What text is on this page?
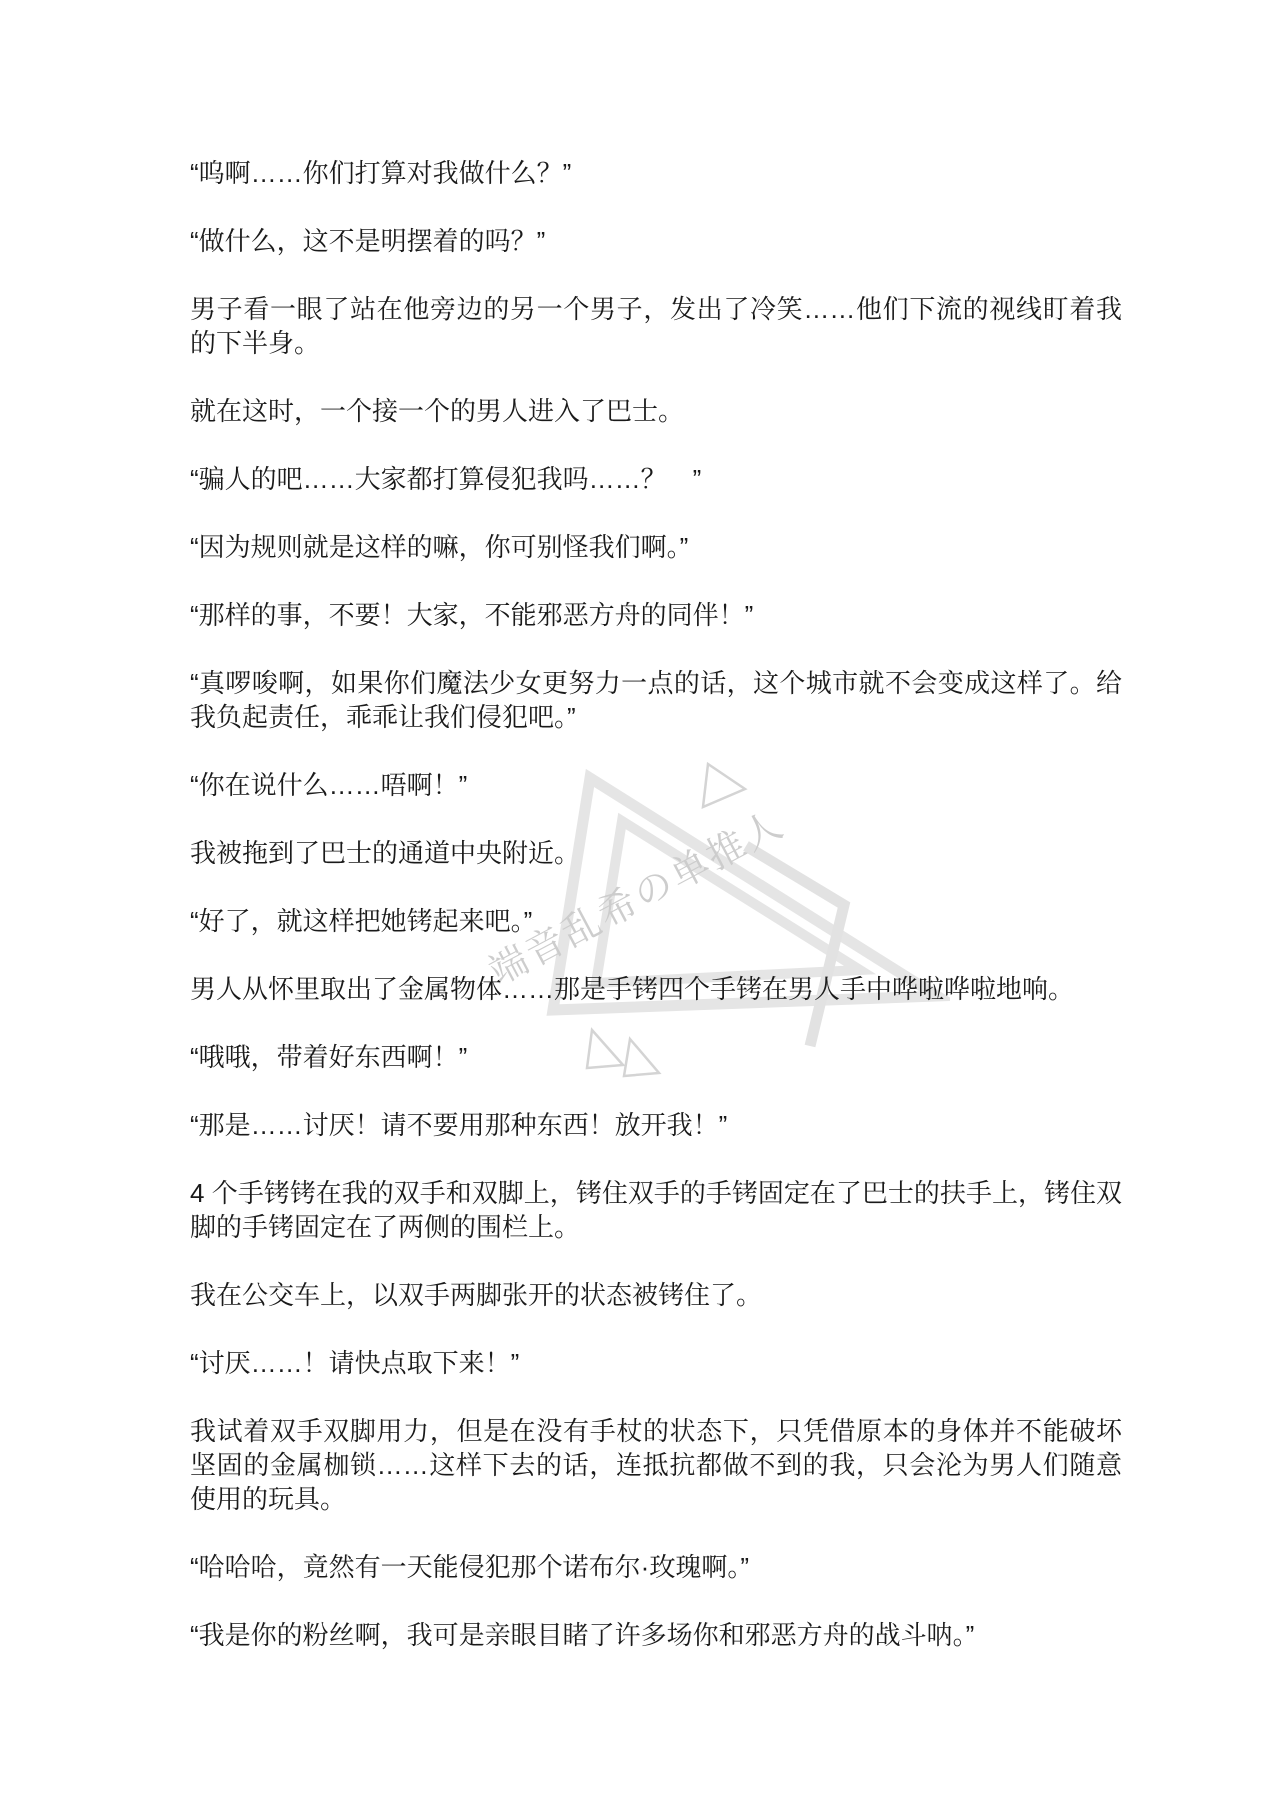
端音乱希の单推人

“呜啊……你们打算对我做什么？”

“做什么，这不是明摆着的吗？”

男子看一眼了站在他旁边的另一个男子，发出了冷笑……他们下流的视线盯着我的下半身。

就在这时，一个接一个的男人进入了巴士。

“骗人的吧……大家都打算侵犯我吗……？　”

“因为规则就是这样的嘛，你可别怪我们啊。”

“那样的事，不要！大家，不能邪恶方舟的同伴！”

“真啰唆啊，如果你们魔法少女更努力一点的话，这个城市就不会变成这样了。给我负起责任，乖乖让我们侵犯吧。”

“你在说什么……唔啊！”

我被拖到了巴士的通道中央附近。

“好了，就这样把她铐起来吧。”

男人从怀里取出了金属物体……那是手铐四个手铐在男人手中哗啦哗啦地响。

“哦哦，带着好东西啊！”

“那是……讨厌！请不要用那种东西！放开我！”

4 个手铐铐在我的双手和双脚上，铐住双手的手铐固定在了巴士的扶手上，铐住双脚的手铐固定在了两侧的围栏上。

我在公交车上，以双手两脚张开的状态被铐住了。

“讨厌……！请快点取下来！”

我试着双手双脚用力，但是在没有手杖的状态下，只凭借原本的身体并不能破坏坚固的金属枷锁……这样下去的话，连抵抗都做不到的我，只会沦为男人们随意使用的玩具。

“哈哈哈，竟然有一天能侵犯那个诺布尔·玫瑰啊。”

“我是你的粉丝啊，我可是亲眼目睹了许多场你和邪恶方舟的战斗呐。”
